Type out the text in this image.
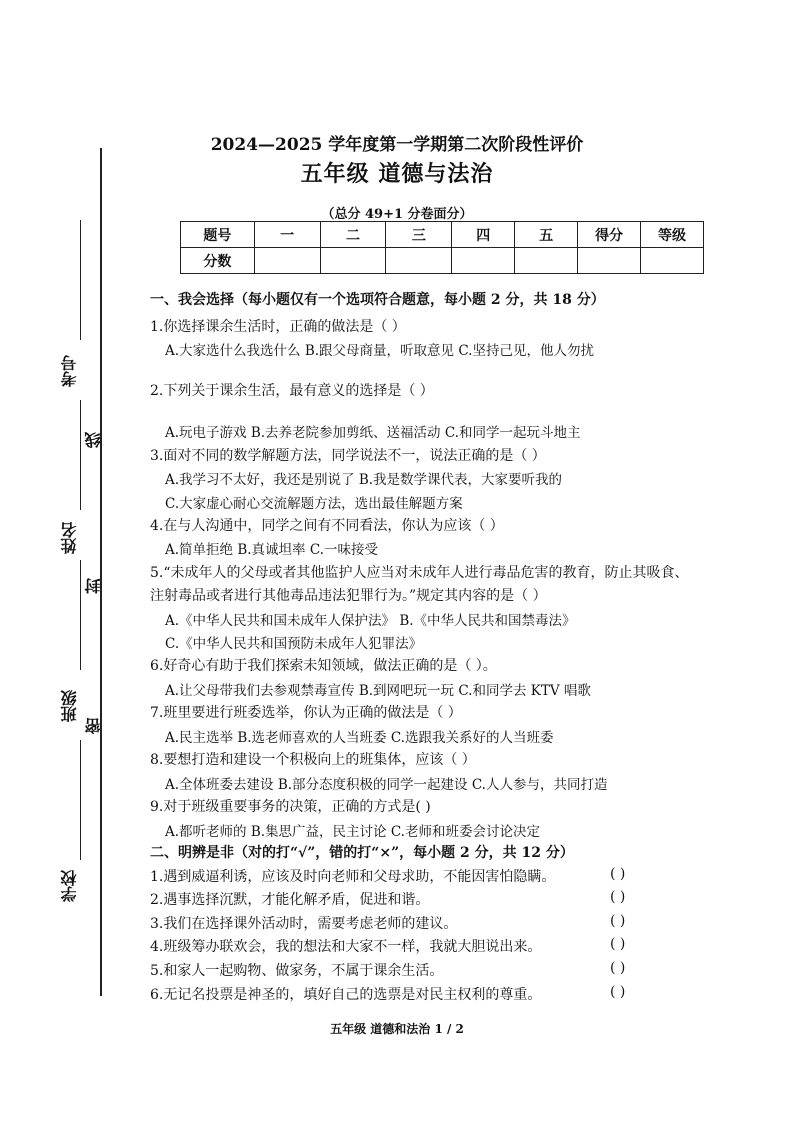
考号
线
姓名
封
班级
密
学校
2024—2025 学年度第一学期第二次阶段性评价
五年级 道德与法治
（总分 49+1 分卷面分）
题号	一	二	三	四	五	得分	等级
分数							
一、我会选择（每小题仅有一个选项符合题意，每小题 2 分，共 18 分）
1.你选择课余生活时，正确的做法是（ ）
A.大家选什么我选什么 B.跟父母商量，听取意见 C.坚持己见，他人勿扰
2.下列关于课余生活，最有意义的选择是（ ）
A.玩电子游戏 B.去养老院参加剪纸、送福活动 C.和同学一起玩斗地主
3.面对不同的数学解题方法，同学说法不一，说法正确的是（ ）
A.我学习不太好，我还是别说了 B.我是数学课代表，大家要听我的
C.大家虚心耐心交流解题方法，选出最佳解题方案
4.在与人沟通中，同学之间有不同看法，你认为应该（ ）
A.简单拒绝 B.真诚坦率 C.一味接受
5.“未成年人的父母或者其他监护人应当对未成年人进行毒品危害的教育，防止其吸食、
注射毒品或者进行其他毒品违法犯罪行为。”规定其内容的是（ ）
A.《中华人民共和国未成年人保护法》 B.《中华人民共和国禁毒法》
C.《中华人民共和国预防未成年人犯罪法》
6.好奇心有助于我们探索未知领域，做法正确的是（ ）。
A.让父母带我们去参观禁毒宣传 B.到网吧玩一玩 C.和同学去 KTV 唱歌
7.班里要进行班委选举，你认为正确的做法是（ ）
A.民主选举 B.选老师喜欢的人当班委 C.选跟我关系好的人当班委
8.要想打造和建设一个积极向上的班集体，应该（ ）
A.全体班委去建设 B.部分态度积极的同学一起建设 C.人人参与，共同打造
9.对于班级重要事务的决策，正确的方式是( )
A.都听老师的 B.集思广益，民主讨论 C.老师和班委会讨论决定
二、明辨是非（对的打“√”，错的打“×”，每小题 2 分，共 12 分）
1.遇到威逼利诱，应该及时向老师和父母求助，不能因害怕隐瞒。	( )
2.遇事选择沉默，才能化解矛盾，促进和谐。	( )
3.我们在选择课外活动时，需要考虑老师的建议。	( )
4.班级筹办联欢会，我的想法和大家不一样，我就大胆说出来。	( )
5.和家人一起购物、做家务，不属于课余生活。	( )
6.无记名投票是神圣的，填好自己的选票是对民主权利的尊重。	( )
五年级 道德和法治 1 / 2
